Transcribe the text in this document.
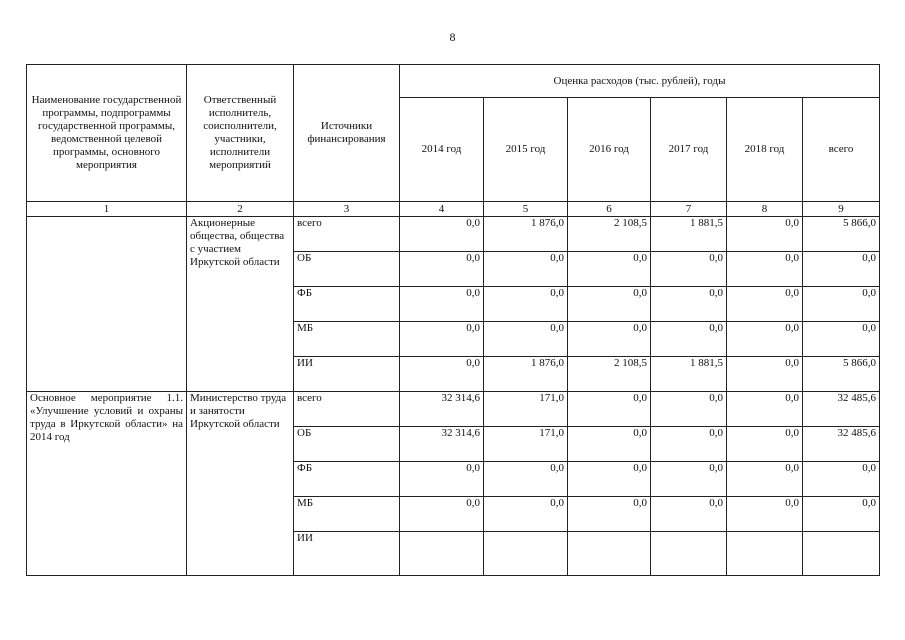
8
Наименование государственной программы, подпрограммы государственной программы, ведомственной целевой программы, основного мероприятия	Ответственный исполнитель, соисполнители, участники, исполнители мероприятий	Источники финансирования	Оценка расходов (тыс. рублей), годы					
			2014 год	2015 год	2016 год	2017 год	2018 год	всего
1	2	3	4	5	6	7	8	9
	Акционерные общества, общества с участием Иркутской области	всего	0,0	1 876,0	2 108,5	1 881,5	0,0	5 866,0
		ОБ	0,0	0,0	0,0	0,0	0,0	0,0
		ФБ	0,0	0,0	0,0	0,0	0,0	0,0
		МБ	0,0	0,0	0,0	0,0	0,0	0,0
		ИИ	0,0	1 876,0	2 108,5	1 881,5	0,0	5 866,0
Основное мероприятие 1.1. «Улучшение условий и охраны труда в Иркутской области» на 2014 год	Министерство труда и занятости Иркутской области	всего	32 314,6	171,0	0,0	0,0	0,0	32 485,6
		ОБ	32 314,6	171,0	0,0	0,0	0,0	32 485,6
		ФБ	0,0	0,0	0,0	0,0	0,0	0,0
		МБ	0,0	0,0	0,0	0,0	0,0	0,0
		ИИ						
